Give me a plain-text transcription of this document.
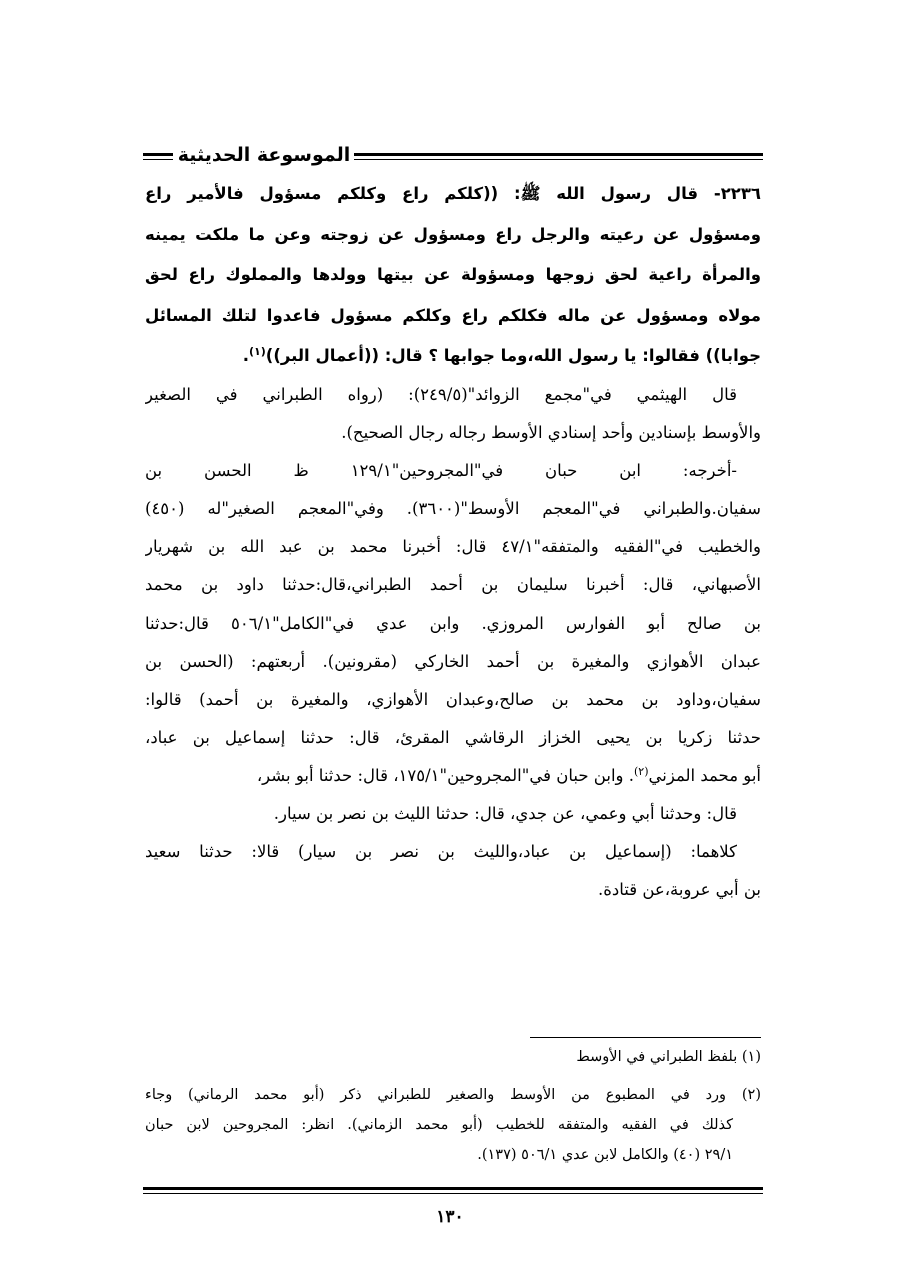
الموسوعة الحديثية
٢٢٣٦- قال رسول الله ﷺ: ((كلكم راع وكلكم مسؤول فالأمير راع
ومسؤول عن رعيته والرجل راع ومسؤول عن زوجته وعن ما ملكت يمينه
والمرأة راعية لحق زوجها ومسؤولة عن بيتها وولدها والمملوك راع لحق
مولاه ومسؤول عن ماله فكلكم راع وكلكم مسؤول فاعدوا لتلك المسائل
جوابا)) فقالوا: يا رسول الله،وما جوابها ؟ قال: ((أعمال البر))$^{(١)}$.
قال الهيثمي في"مجمع الزوائد"(٢٤٩/٥): (رواه الطبراني في الصغير
والأوسط بإسنادين وأحد إسنادي الأوسط رجاله رجال الصحيح).
-أخرجه: ابن حبان في"المجروحين"١٢٩/١ ظ الحسن بن
سفيان.والطبراني في"المعجم الأوسط"(٣٦٠٠). وفي"المعجم الصغير"له (٤٥٠)
والخطيب في"الفقيه والمتفقه"٤٧/١ قال: أخبرنا محمد بن عبد الله بن شهريار
الأصبهاني، قال: أخبرنا سليمان بن أحمد الطبراني،قال:حدثنا داود بن محمد
بن صالح أبو الفوارس المروزي. وابن عدي في"الكامل"٥٠٦/١ قال:حدثنا
عبدان الأهوازي والمغيرة بن أحمد الخاركي (مقرونين). أربعتهم: (الحسن بن
سفيان،وداود بن محمد بن صالح،وعبدان الأهوازي، والمغيرة بن أحمد) قالوا:
حدثنا زكريا بن يحيى الخزاز الرقاشي المقرئ، قال: حدثنا إسماعيل بن عباد،
أبو محمد المزني$^{(٢)}$. وابن حبان في"المجروحين"١٧٥/١، قال: حدثنا أبو بشر،
قال: وحدثنا أبي وعمي، عن جدي، قال: حدثنا الليث بن نصر بن سيار.
كلاهما: (إسماعيل بن عباد،والليث بن نصر بن سيار) قالا: حدثنا سعيد
بن أبي عروبة،عن قتادة.
(١) بلفظ الطبراني في الأوسط
(٢) ورد في المطبوع من الأوسط والصغير للطبراني ذكر (أبو محمد الرماني) وجاء
كذلك في الفقيه والمتفقه للخطيب (أبو محمد الزماني). انظر: المجروحين لابن حبان
٢٩/١ (٤٠) والكامل لابن عدي ٥٠٦/١ (١٣٧).
١٣٠
